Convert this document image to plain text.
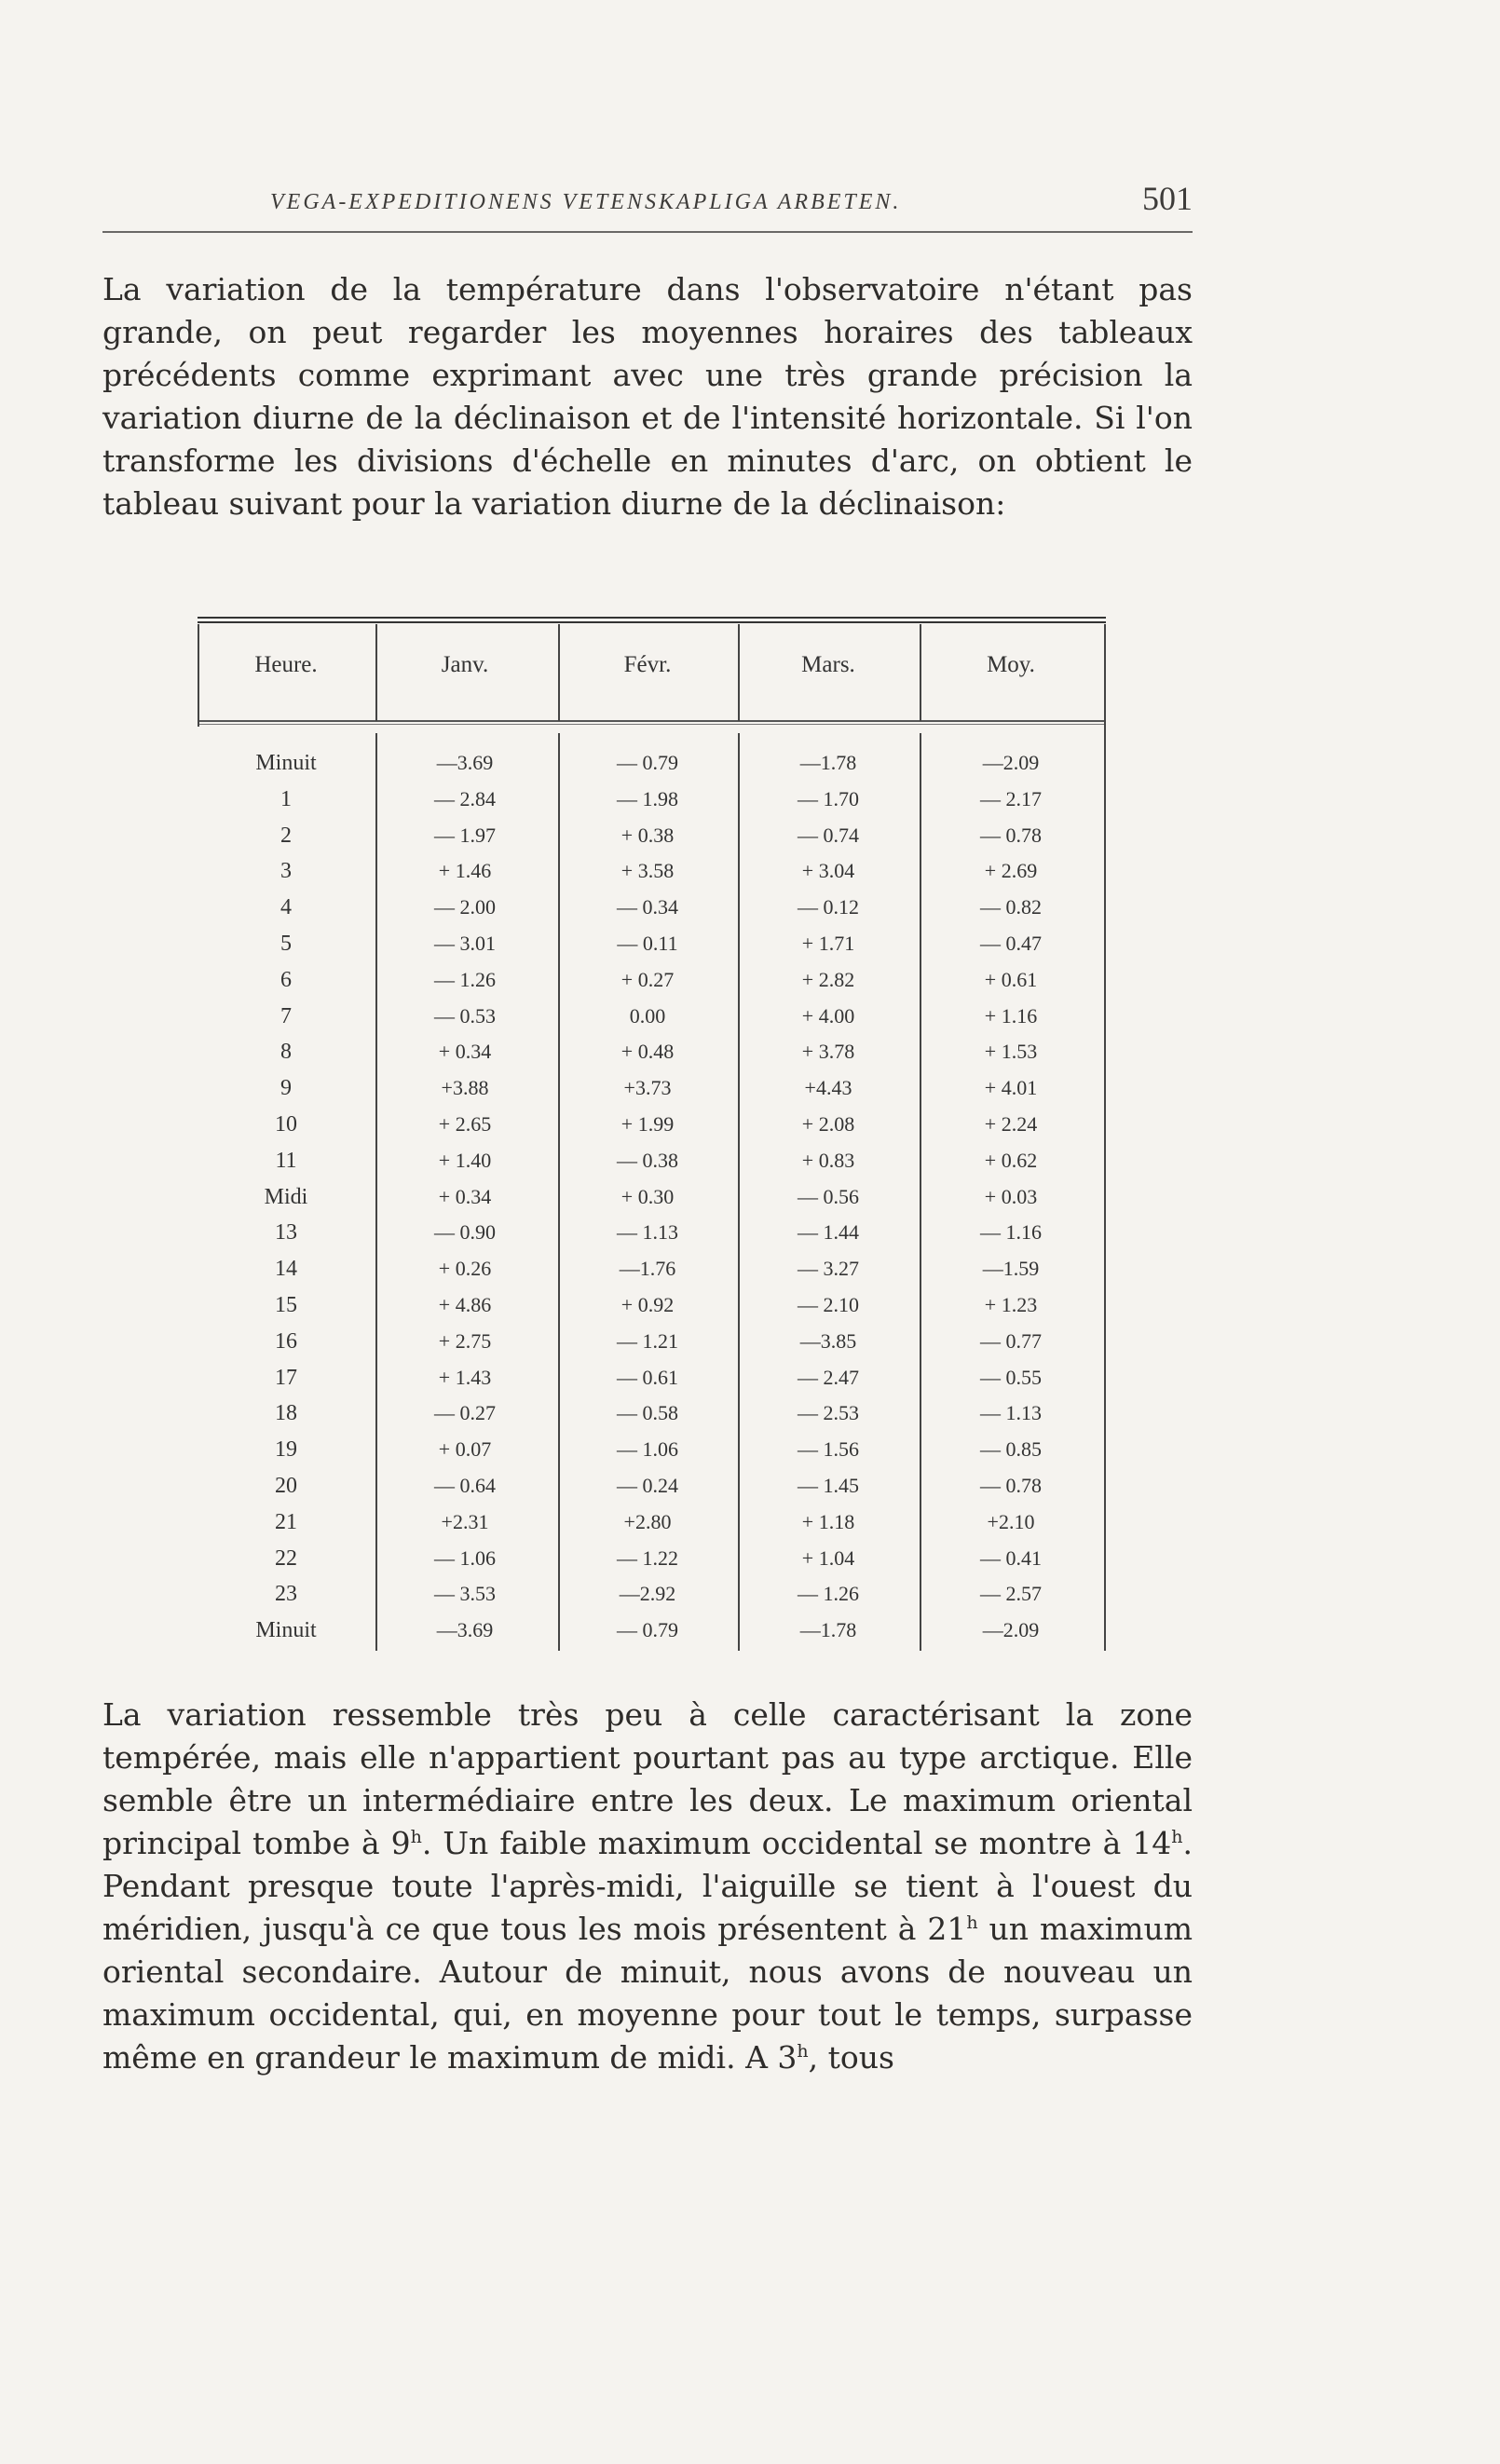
VEGA-EXPEDITIONENS VETENSKAPLIGA ARBETEN.	501

La variation de la température dans l'observatoire n'étant pas grande, on peut regarder les moyennes horaires des tableaux précédents comme exprimant avec une très grande précision la variation diurne de la déclinaison et de l'intensité horizontale. Si l'on transforme les divisions d'échelle en minutes d'arc, on obtient le tableau suivant pour la variation diurne de la déclinaison:

Heure.	Janv.	Févr.	Mars.	Moy.
Minuit	—3.69	— 0.79	—1.78	—2.09
1	— 2.84	— 1.98	— 1.70	— 2.17
2	— 1.97	+ 0.38	— 0.74	— 0.78
3	+ 1.46	+ 3.58	+ 3.04	+ 2.69
4	— 2.00	— 0.34	— 0.12	— 0.82
5	— 3.01	— 0.11	+ 1.71	— 0.47
6	— 1.26	+ 0.27	+ 2.82	+ 0.61
7	— 0.53	0.00	+ 4.00	+ 1.16
8	+ 0.34	+ 0.48	+ 3.78	+ 1.53
9	+3.88	+3.73	+4.43	+ 4.01
10	+ 2.65	+ 1.99	+ 2.08	+ 2.24
11	+ 1.40	— 0.38	+ 0.83	+ 0.62
Midi	+ 0.34	+ 0.30	— 0.56	+ 0.03
13	— 0.90	— 1.13	— 1.44	— 1.16
14	+ 0.26	—1.76	— 3.27	—1.59
15	+ 4.86	+ 0.92	— 2.10	+ 1.23
16	+ 2.75	— 1.21	—3.85	— 0.77
17	+ 1.43	— 0.61	— 2.47	— 0.55
18	— 0.27	— 0.58	— 2.53	— 1.13
19	+ 0.07	— 1.06	— 1.56	— 0.85
20	— 0.64	— 0.24	— 1.45	— 0.78
21	+2.31	+2.80	+ 1.18	+2.10
22	— 1.06	— 1.22	+ 1.04	— 0.41
23	— 3.53	—2.92	— 1.26	— 2.57
Minuit	—3.69	— 0.79	—1.78	—2.09

La variation ressemble très peu à celle caractérisant la zone tempérée, mais elle n'appartient pourtant pas au type arctique. Elle semble être un intermédiaire entre les deux. Le maximum oriental principal tombe à 9$^h$. Un faible maximum occidental se montre à 14$^h$. Pendant presque toute l'après-midi, l'aiguille se tient à l'ouest du méridien, jusqu'à ce que tous les mois présentent à 21$^h$ un maximum oriental secondaire. Autour de minuit, nous avons de nouveau un maximum occidental, qui, en moyenne pour tout le temps, surpasse même en grandeur le maximum de midi. A 3$^h$, tous
